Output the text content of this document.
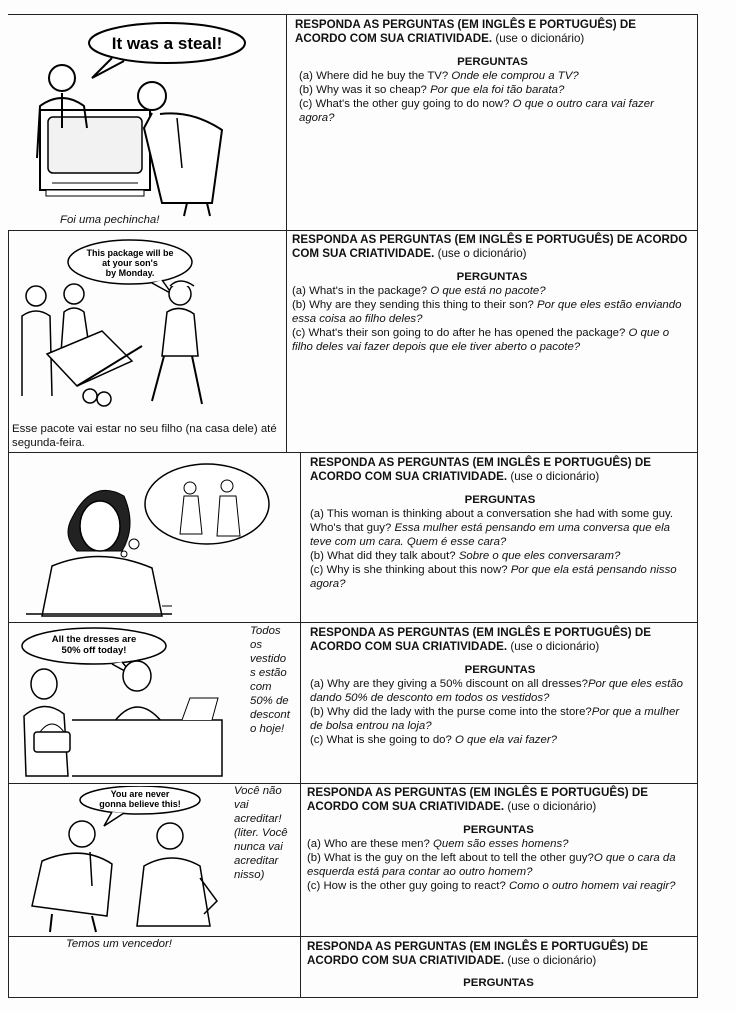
It was a steal!
Foi uma pechincha!
RESPONDA AS PERGUNTAS (EM INGLÊS E PORTUGUÊS) DE ACORDO COM SUA CRIATIVIDADE. (use o dicionário)
PERGUNTAS
(a) Where did he buy the TV? Onde ele comprou a TV?
(b) Why was it so cheap? Por que ela foi tão barata?
(c) What's the other guy going to do now? O que o outro cara vai fazer agora?
This package will be
at your son's
by Monday.
Esse pacote vai estar no seu filho (na casa dele) até segunda-feira.
RESPONDA AS PERGUNTAS (EM INGLÊS E PORTUGUÊS) DE ACORDO COM SUA CRIATIVIDADE. (use o dicionário)
PERGUNTAS
(a) What's in the package? O que está no pacote?
(b) Why are they sending this thing to their son? Por que eles estão enviando essa coisa ao filho deles?
(c) What's their son going to do after he has opened the package? O que o filho deles vai fazer depois que ele tiver aberto o pacote?
RESPONDA AS PERGUNTAS (EM INGLÊS E PORTUGUÊS) DE ACORDO COM SUA CRIATIVIDADE. (use o dicionário)
PERGUNTAS
(a) This woman is thinking about a conversation she had with some guy. Who's that guy? Essa mulher está pensando em uma conversa que ela teve com um cara. Quem é esse cara?
(b) What did they talk about? Sobre o que eles conversaram?
(c) Why is she thinking about this now? Por que ela está pensando nisso agora?
All the dresses are
50% off today!
Todos
os
vestido
s estão
com
50% de
descont
o hoje!
RESPONDA AS PERGUNTAS (EM INGLÊS E PORTUGUÊS) DE ACORDO COM SUA CRIATIVIDADE. (use o dicionário)
PERGUNTAS
(a) Why are they giving a 50% discount on all dresses?Por que eles estão dando 50% de desconto em todos os vestidos?
(b) Why did the lady with the purse come into the store?Por que a mulher de bolsa entrou na loja?
(c) What is she going to do? O que ela vai fazer?
You are never
gonna believe this!
Você não
vai
acreditar!
(liter. Você
nunca vai
acreditar
nisso)
RESPONDA AS PERGUNTAS (EM INGLÊS E PORTUGUÊS) DE ACORDO COM SUA CRIATIVIDADE. (use o dicionário)
PERGUNTAS
(a) Who are these men? Quem são esses homens?
(b) What is the guy on the left about to tell the other guy?O que o cara da esquerda está para contar ao outro homem?
(c) How is the other guy going to react? Como o outro homem vai reagir?
Temos um vencedor!	RESPONDA AS PERGUNTAS (EM INGLÊS E PORTUGUÊS) DE ACORDO COM SUA CRIATIVIDADE. (use o dicionário)
PERGUNTAS
